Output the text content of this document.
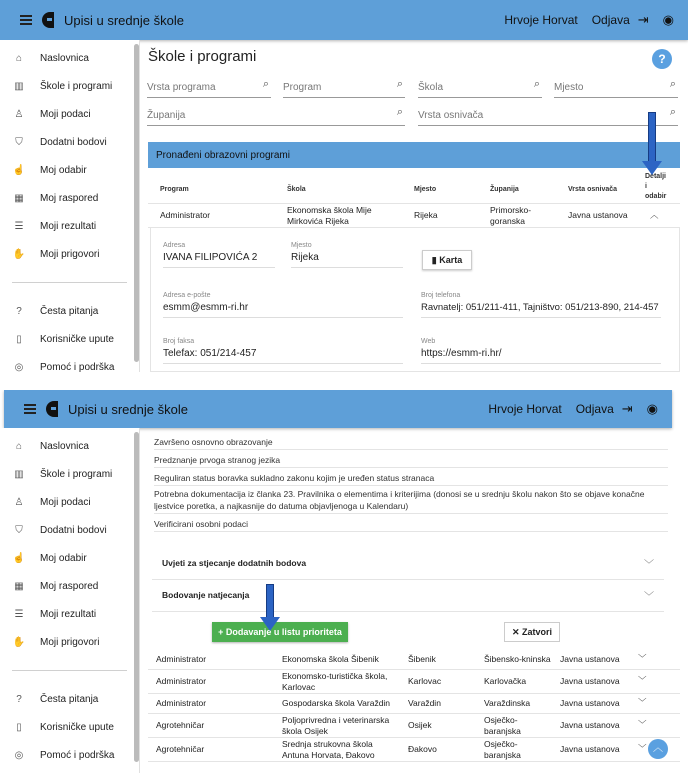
Upisi u srednje škole	Hrvoje Horvat Odjava ⇥ ◉
⌂	Naslovnica
▥ Škole i programi
♙ Moji podaci
⛉	Dodatni bodovi
☝ Moj odabir
▦ Moj raspored
☰ Moji rezultati
✋ Moji prigovori
?	Česta pitanja
▯	Korisničke upute
◎ Pomoć i podrška
Škole i programi	?
Vrsta programa	⌕ Program	⌕ Škola	⌕ Mjesto	⌕
Županija	⌕ Vrsta osnivača	⌕
Pronađeni obrazovni programi
Program	Škola	Mjesto	Županija	Vrsta osnivača
Detalji i odabir
Administrator	Ekonomska škola Mije Mirkovića Rijeka
Rijeka	Primorsko-goranska
Javna ustanova	︿
Adresa
IVANA FILIPOVIĆA 2
Mjesto
Rijeka
Adresa e-pošte
esmm@esmm-ri.hr
Broj telefona
Ravnatelj: 051/211-411, Tajništvo: 051/213-890, 214-457
Broj faksa
Telefax: 051/214-457
Web
https://esmm-ri.hr/
▮ Karta
Upisi u srednje škole	Hrvoje Horvat Odjava ⇥ ◉
⌂	Naslovnica
▥ Škole i programi
♙ Moji podaci
⛉	Dodatni bodovi
☝ Moj odabir
▦ Moj raspored
☰ Moji rezultati
✋ Moji prigovori
?	Česta pitanja
▯	Korisničke upute
◎ Pomoć i podrška
Završeno osnovno obrazovanje
Predznanje prvoga stranog jezika
Reguliran status boravka sukladno zakonu kojim je uređen status stranaca
Potrebna dokumentacija iz članka 23. Pravilnika o elementima i kriterijima (donosi se u srednju školu nakon što se objave konačne ljestvice poretka, a najkasnije do datuma objavljenoga u Kalendaru)
Verificirani osobni podaci
Uvjeti za stjecanje dodatnih bodova	﹀
Bodovanje natjecanja	﹀
+ Dodavanje u listu prioriteta	✕ Zatvori
Administrator	Ekonomska škola Šibenik	Šibenik	Šibensko-kninska Javna ustanova ﹀
Administrator	Ekonomsko-turistička škola, Karlovac
Karlovac	Karlovačka	Javna ustanova ﹀
Administrator	Gospodarska škola Varaždin	Varaždin	Varaždinska	Javna ustanova ﹀
Agrotehničar	Poljoprivredna i veterinarska škola Osijek
Osijek	Osječko-baranjska
Javna ustanova ﹀
Agrotehničar	Srednja strukovna škola Antuna Horvata, Đakovo
Đakovo	Osječko-baranjska
Javna ustanova ﹀ ︿
